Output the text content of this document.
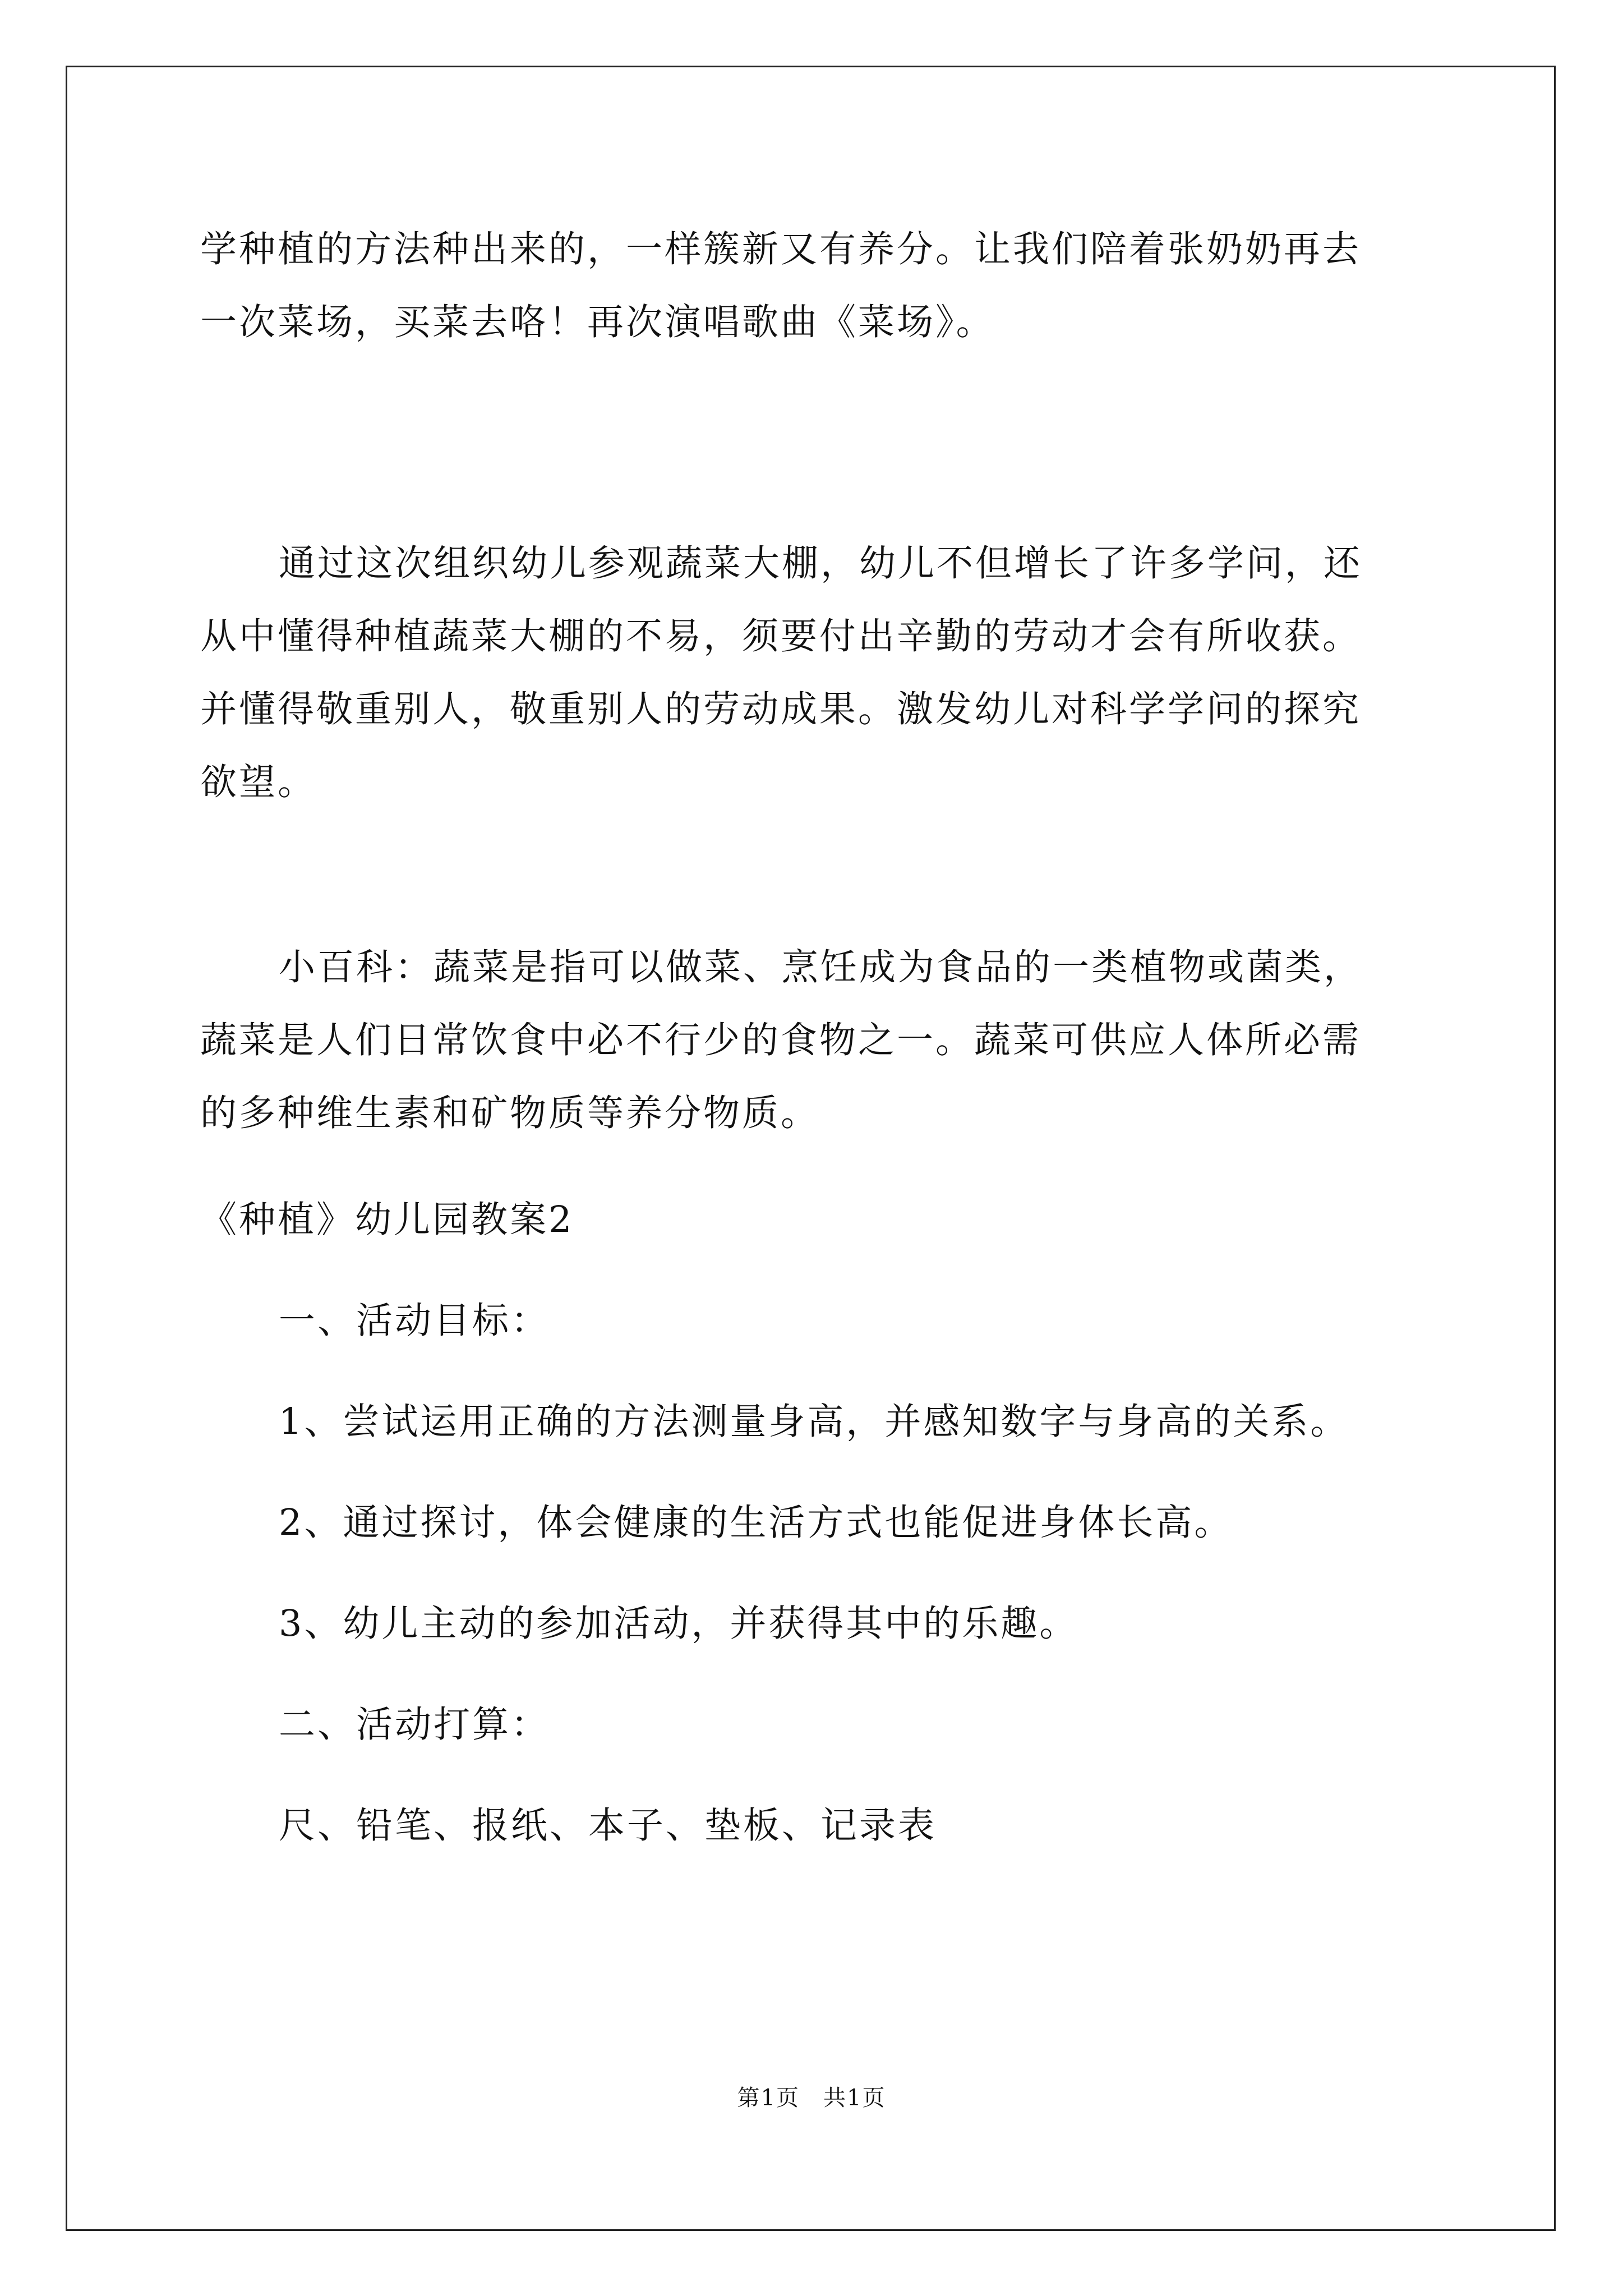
学种植的方法种出来的，一样簇新又有养分。让我们陪着张奶奶再去

一次菜场，买菜去咯！再次演唱歌曲《菜场》。

通过这次组织幼儿参观蔬菜大棚，幼儿不但增长了许多学问，还

从中懂得种植蔬菜大棚的不易，须要付出辛勤的劳动才会有所收获。

并懂得敬重别人，敬重别人的劳动成果。激发幼儿对科学学问的探究

欲望。

小百科：蔬菜是指可以做菜、烹饪成为食品的一类植物或菌类，

蔬菜是人们日常饮食中必不行少的食物之一。蔬菜可供应人体所必需

的多种维生素和矿物质等养分物质。

《种植》幼儿园教案2

一、活动目标：

1、尝试运用正确的方法测量身高，并感知数字与身高的关系。

2、通过探讨，体会健康的生活方式也能促进身体长高。

3、幼儿主动的参加活动，并获得其中的乐趣。

二、活动打算：

尺、铅笔、报纸、本子、垫板、记录表

第1页　共1页
